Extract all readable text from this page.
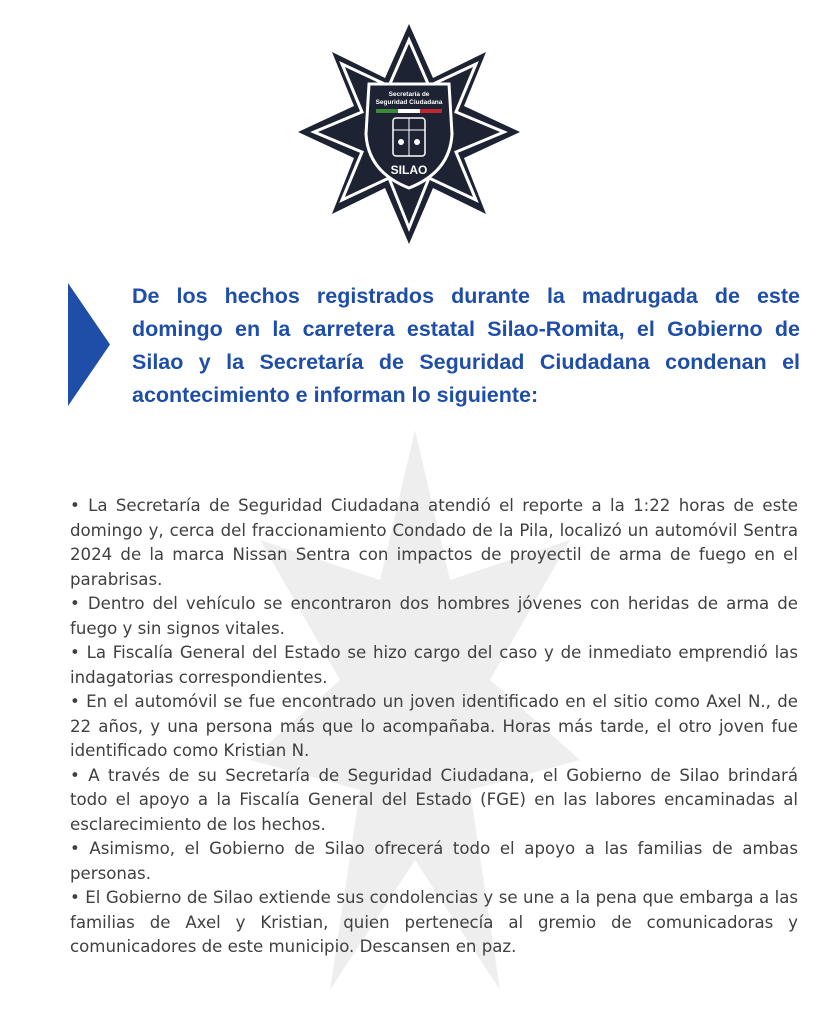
Secretaría de
Seguridad Ciudadana
SILAO

De los hechos registrados durante la madrugada de este domingo en la carretera estatal Silao-Romita, el Gobierno de Silao y la Secretaría de Seguridad Ciudadana condenan el acontecimiento e informan lo siguiente:

• La Secretaría de Seguridad Ciudadana atendió el reporte a la 1:22 horas de este domingo y, cerca del fraccionamiento Condado de la Pila, localizó un automóvil Sentra 2024 de la marca Nissan Sentra con impactos de proyectil de arma de fuego en el parabrisas.
• Dentro del vehículo se encontraron dos hombres jóvenes con heridas de arma de fuego y sin signos vitales.
• La Fiscalía General del Estado se hizo cargo del caso y de inmediato emprendió las indagatorias correspondientes.
• En el automóvil se fue encontrado un joven identificado en el sitio como Axel N., de 22 años, y una persona más que lo acompañaba. Horas más tarde, el otro joven fue identificado como Kristian N.
• A través de su Secretaría de Seguridad Ciudadana, el Gobierno de Silao brindará todo el apoyo a la Fiscalía General del Estado (FGE) en las labores encaminadas al esclarecimiento de los hechos.
• Asimismo, el Gobierno de Silao ofrecerá todo el apoyo a las familias de ambas personas.
• El Gobierno de Silao extiende sus condolencias y se une a la pena que embarga a las familias de Axel y Kristian, quien pertenecía al gremio de comunicadoras y comunicadores de este municipio. Descansen en paz.
